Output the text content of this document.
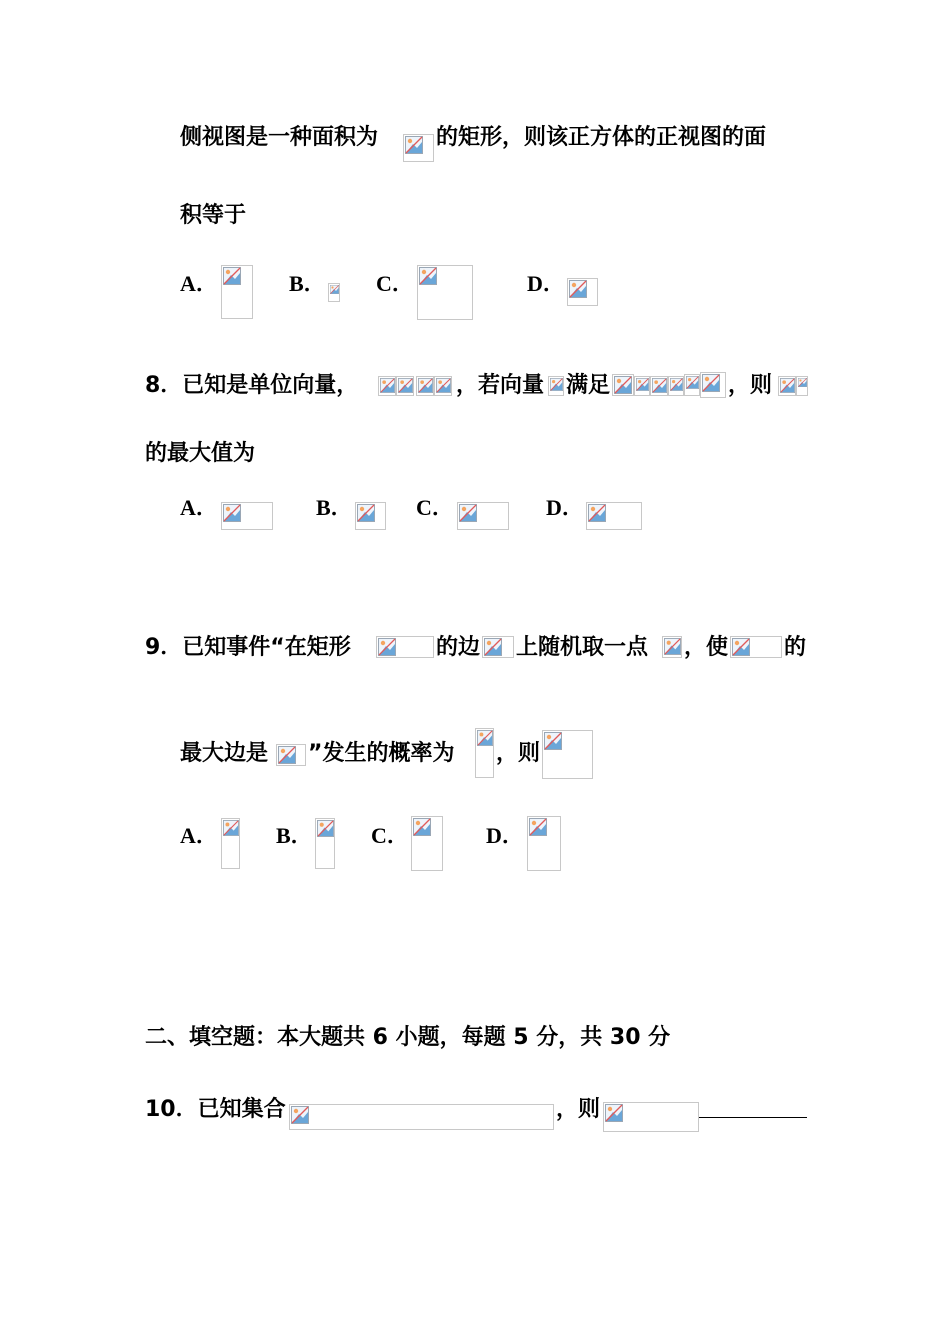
侧视图是一种面积为	的矩形，则该正方体的正视图的面
积等于
A．	B． C．	D．
8．已知是单位向量，	，若向量 满足	，则
的最大值为
A．	B．	C．	D．
9．已知事件“在矩形	的边 上随机取一点 ，使	的
最大边是 ”发生的概率为 ，则
A．	B．	C．	D．
二、填空题：本大题共 6 小题，每题 5 分，共 30 分
10．已知集合	，则
